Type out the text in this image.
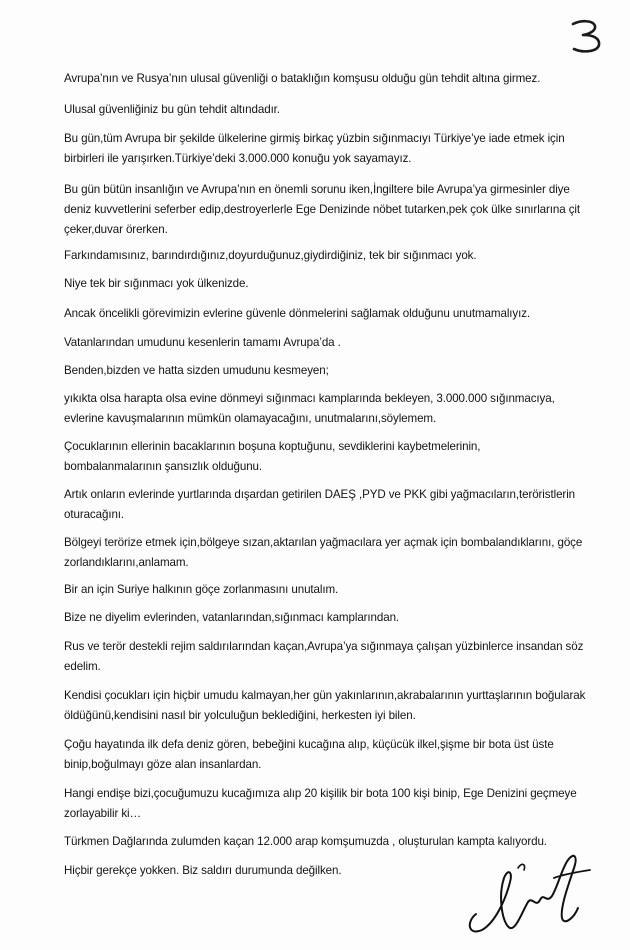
Avrupa’nın ve Rusya’nın ulusal güvenliği o bataklığın komşusu olduğu gün tehdit altına girmez.

Ulusal güvenliğiniz bu gün tehdit altındadır.

Bu gün,tüm Avrupa bir şekilde ülkelerine girmiş birkaç yüzbin sığınmacıyı Türkiye’ye iade etmek için birbirleri ile yarışırken.Türkiye’deki 3.000.000 konuğu yok sayamayız.

Bu gün bütün insanlığın ve Avrupa’nın en önemli sorunu iken,İngiltere bile Avrupa’ya girmesinler diye deniz kuvvetlerini seferber edip,destroyerlerle Ege Denizinde nöbet tutarken,pek çok ülke sınırlarına çit çeker,duvar örerken.

Farkındamısınız, barındırdığınız,doyurduğunuz,giydirdiğiniz, tek bir sığınmacı yok.

Niye tek bir sığınmacı yok ülkenizde.

Ancak öncelikli görevimizin evlerine güvenle dönmelerini sağlamak olduğunu unutmamalıyız.

Vatanlarından umudunu kesenlerin tamamı Avrupa’da .

Benden,bizden ve hatta sizden umudunu kesmeyen;

yıkıkta olsa harapta olsa evine dönmeyi sığınmacı kamplarında bekleyen, 3.000.000 sığınmacıya, evlerine kavuşmalarının mümkün olamayacağını, unutmalarını,söylemem.

Çocuklarının ellerinin bacaklarının boşuna koptuğunu, sevdiklerini kaybetmelerinin, bombalanmalarının şansızlık olduğunu.

Artık onların evlerinde yurtlarında dışardan getirilen DAEŞ ,PYD ve PKK gibi yağmacıların,teröristlerin oturacağını.

Bölgeyi terörize etmek için,bölgeye sızan,aktarılan yağmacılara yer açmak için bombalandıklarını, göçe zorlandıklarını,anlamam.

Bir an için Suriye halkının göçe zorlanmasını unutalım.

Bize ne diyelim evlerinden, vatanlarından,sığınmacı kamplarından.

Rus ve terör destekli rejim saldırılarından kaçan,Avrupa’ya sığınmaya çalışan yüzbinlerce insandan söz edelim.

Kendisi çocukları için hiçbir umudu kalmayan,her gün yakınlarının,akrabalarının yurttaşlarının boğularak öldüğünü,kendisini nasıl bir yolculuğun beklediğini, herkesten iyi bilen.

Çoğu hayatında ilk defa deniz gören, bebeğini kucağına alıp, küçücük ilkel,şişme bir bota üst üste binip,boğulmayı göze alan insanlardan.

Hangi endişe bizi,çocuğumuzu kucağımıza alıp 20 kişilik bir bota 100 kişi binip, Ege Denizini geçmeye zorlayabilir ki…

Türkmen Dağlarında zulumden kaçan 12.000 arap komşumuzda , oluşturulan kampta kalıyordu.

Hiçbir gerekçe yokken. Biz saldırı durumunda değilken.
